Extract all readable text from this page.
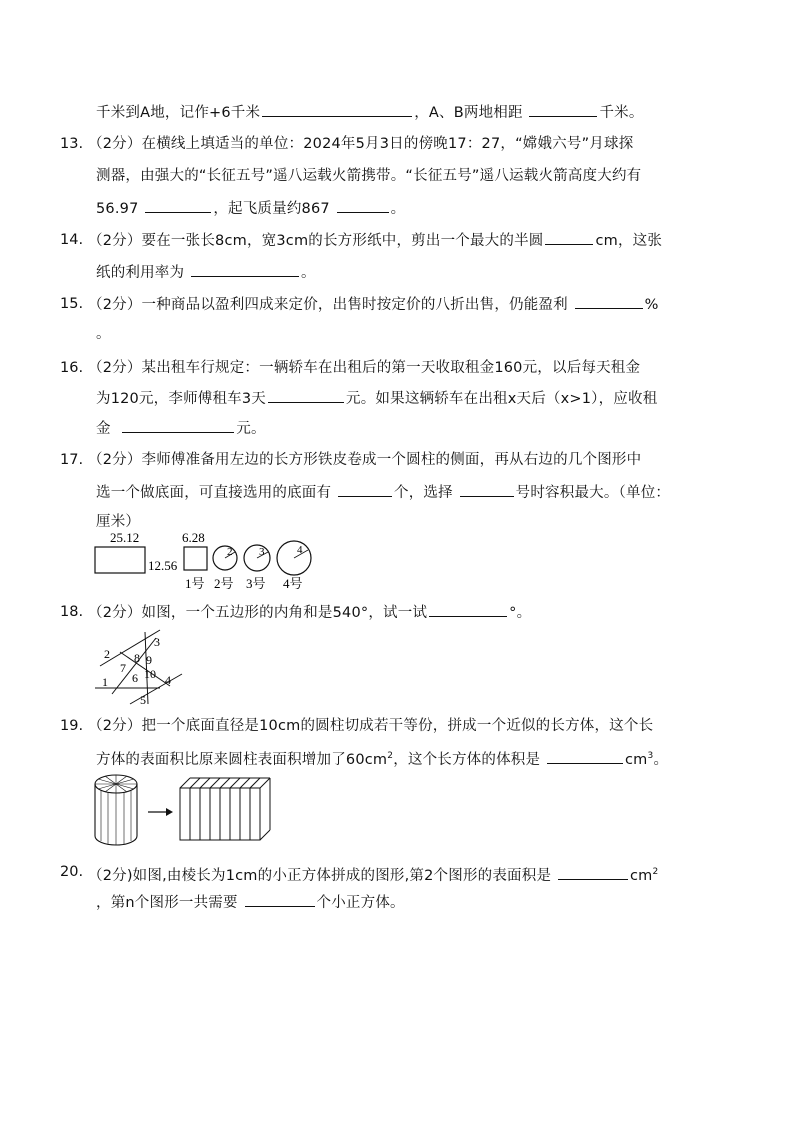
千米到A地，记作+6千米	，A、B两地相距	千米。
13. （2分）在横线上填适当的单位：2024年5月3日的傍晚17：27，“嫦娥六号”月球探
测器，由强大的“长征五号”遥八运载火箭携带。“长征五号”遥八运载火箭高度大约有
56.97	，起飞质量约867	。
14. （2分）要在一张长8cm，宽3cm的长方形纸中，剪出一个最大的半圆	cm，这张
纸的利用率为	。
15. （2分）一种商品以盈利四成来定价，出售时按定价的八折出售，仍能盈利	%
。
16. （2分）某出租车行规定：一辆轿车在出租后的第一天收取租金160元，以后每天租金
为120元，李师傅租车3天	元。如果这辆轿车在出租x天后（x>1），应收租
金	元。
17. （2分）李师傅准备用左边的长方形铁皮卷成一个圆柱的侧面，再从右边的几个图形中
选一个做底面，可直接选用的底面有	个，选择	号时容积最大。（单位：
厘米）
25.12
12.56
6.28
2 3	4
1号 2号 3号 4号
18. （2分）如图，一个五边形的内角和是540°，试一试	°。
1
2
3
4
5
6
7
8 9
10
19. （2分）把一个底面直径是10cm的圆柱切成若干等份，拼成一个近似的长方体，这个长
方体的表面积比原来圆柱表面积增加了$60cm^2$，这个长方体的体积是	$cm^3$。
20. （2分)如图,由棱长为1cm的小正方体拼成的图形,第2个图形的表面积是	$cm^2$
，第n个图形一共需要	个小正方体。
